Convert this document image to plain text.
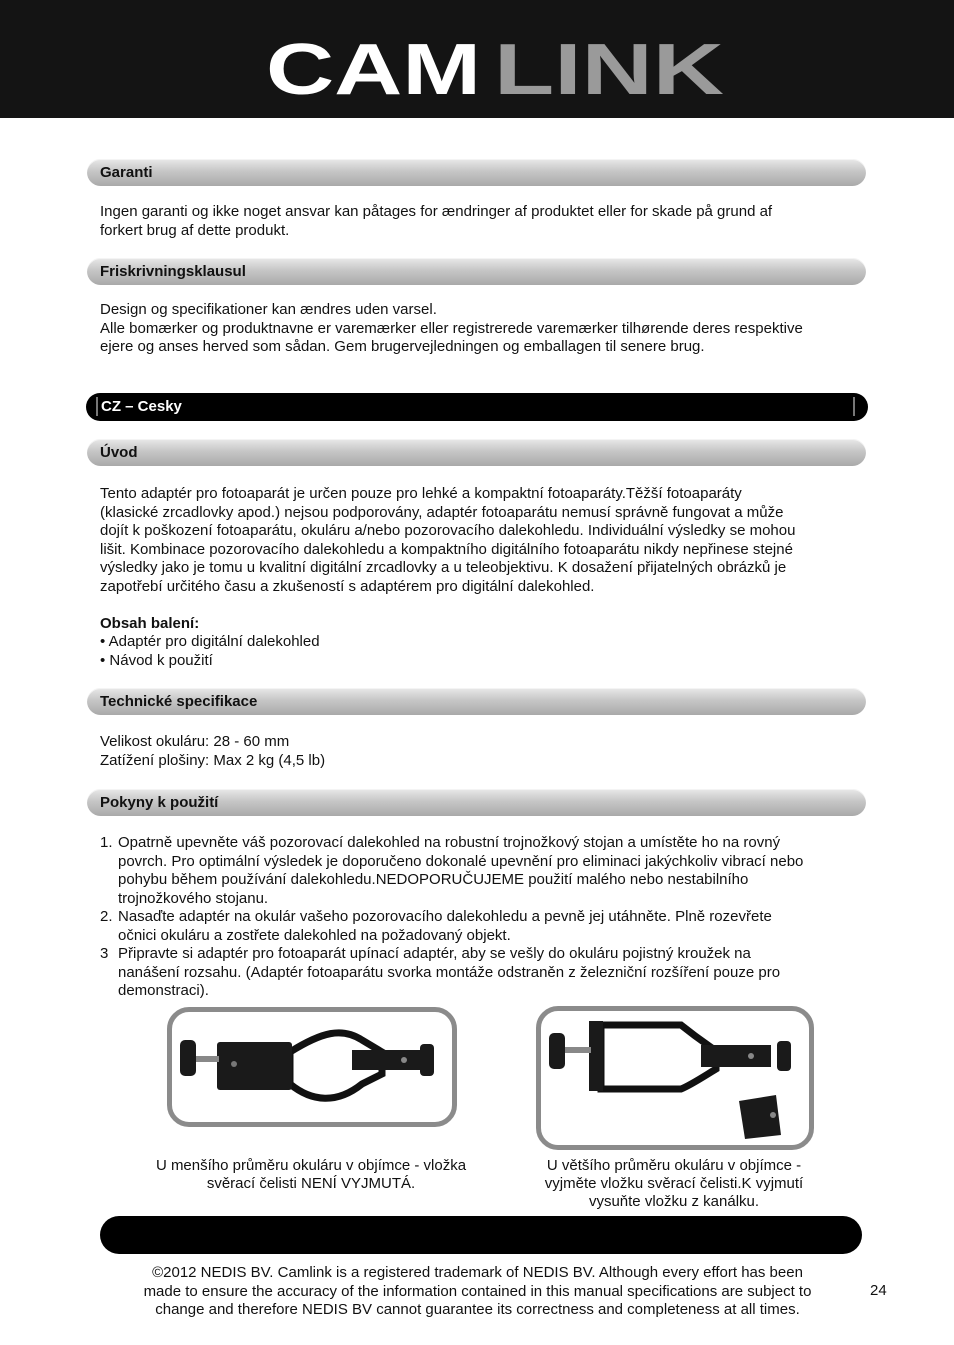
CAM LINK
Garanti

Ingen garanti og ikke noget ansvar kan påtages for ændringer af produktet eller for skade på grund af

forkert brug af dette produkt.

Friskrivningsklausul

Design og specifikationer kan ændres uden varsel.

Alle bomærker og produktnavne er varemærker eller registrerede varemærker tilhørende deres respektive

ejere og anses herved som sådan. Gem brugervejledningen og emballagen til senere brug.

CZ – Cesky
Úvod

Tento adaptér pro fotoaparát je určen pouze pro lehké a kompaktní fotoaparáty.Těžší fotoaparáty

(klasické zrcadlovky apod.) nejsou podporovány, adaptér fotoaparátu nemusí správně fungovat a může

dojít k poškození fotoaparátu, okuláru a/nebo pozorovacího dalekohledu. Individuální výsledky se mohou

lišit. Kombinace pozorovacího dalekohledu a kompaktního digitálního fotoaparátu nikdy nepřinese stejné

výsledky jako je tomu u kvalitní digitální zrcadlovky a u teleobjektivu. K dosažení přijatelných obrázků je

zapotřebí určitého času a zkušeností s adaptérem pro digitální dalekohled.

Obsah balení:

• Adaptér pro digitální dalekohled

• Návod k použití

Technické specifikace

Velikost okuláru: 28 - 60 mm

Zatížení plošiny: Max 2 kg (4,5 lb)

Pokyny k použití
1. Opatrně upevněte váš pozorovací dalekohled na robustní trojnožkový stojan a umístěte ho na rovný

povrch. Pro optimální výsledek je doporučeno dokonalé upevnění pro eliminaci jakýchkoliv vibrací nebo

pohybu během používání dalekohledu.NEDOPORUČUJEME použití malého nebo nestabilního

trojnožkového stojanu.

2. Nasaďte adaptér na okulár vašeho pozorovacího dalekohledu a pevně jej utáhněte. Plně rozevřete

očnici okuláru a zostřete dalekohled na požadovaný objekt.

3 Připravte si adaptér pro fotoaparát upínací adaptér, aby se vešly do okuláru pojistný kroužek na

nanášení rozsahu. (Adaptér fotoaparátu svorka montáže odstraněn z železniční rozšíření pouze pro

demonstraci).

U menšího průměru okuláru v objímce - vložka
svěrací čelisti NENÍ VYJMUTÁ.
U většího průměru okuláru v objímce -
vyjměte vložku svěrací čelisti.K vyjmutí
vysuňte vložku z kanálku.
©2012 NEDIS BV. Camlink is a registered trademark of NEDIS BV. Although every effort has been
made to ensure the accuracy of the information contained in this manual specifications are subject to
change and therefore NEDIS BV cannot guarantee its correctness and completeness at all times.
24
